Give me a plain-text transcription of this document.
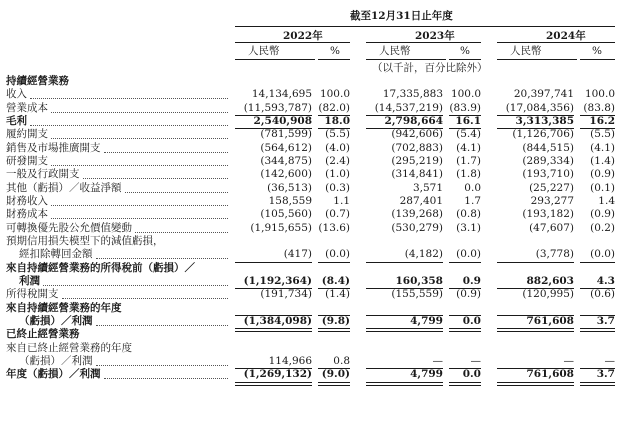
截至12月31日止年度
2022年	2023年	2024年
人民幣	%	人民幣	%	人民幣	%
（以千計，百分比除外）
持續經營業務
收入	14,134,695 100.0	17,335,883 100.0	20,397,741 100.0
營業成本	(11,593,787) (82.0) (14,537,219) (83.9) (17,084,356) (83.8)
毛利	2,540,908 18.0	2,798,664 16.1	3,313,385 16.2
履約開支	(781,599) (5.5)	(942,606) (5.4)	(1,126,706) (5.5)
銷售及市場推廣開支	(564,612) (4.0)	(702,883) (4.1)	(844,515) (4.1)
研發開支	(344,875) (2.4)	(295,219) (1.7)	(289,334) (1.4)
一般及行政開支	(142,600) (1.0)	(314,841) (1.8)	(193,710) (0.9)
其他（虧損）／收益淨額	(36,513) (0.3)	3,571 0.0	(25,227) (0.1)
財務收入	158,559 1.1	287,401 1.7	293,277 1.4
財務成本	(105,560) (0.7)	(139,268) (0.8)	(193,182) (0.9)
可轉換優先股公允價值變動	(1,915,655) (13.6)	(530,279) (3.1)	(47,607) (0.2)
預期信用損失模型下的減值虧損，
經扣除轉回金額	(417) (0.0)	(4,182) (0.0)	(3,778) (0.0)
來自持續經營業務的所得稅前（虧損）／
利潤	(1,192,364) (8.4)	160,358 0.9	882,603 4.3
所得稅開支	(191,734) (1.4)	(155,559) (0.9)	(120,995) (0.6)
來自持續經營業務的年度
（虧損）／利潤	(1,384,098) (9.8)	4,799 0.0	761,608 3.7
已終止經營業務
來自已終止經營業務的年度
（虧損）／利潤	114,966 0.8	—	—	—	—
年度（虧損）／利潤	(1,269,132) (9.0)	4,799 0.0	761,608 3.7
